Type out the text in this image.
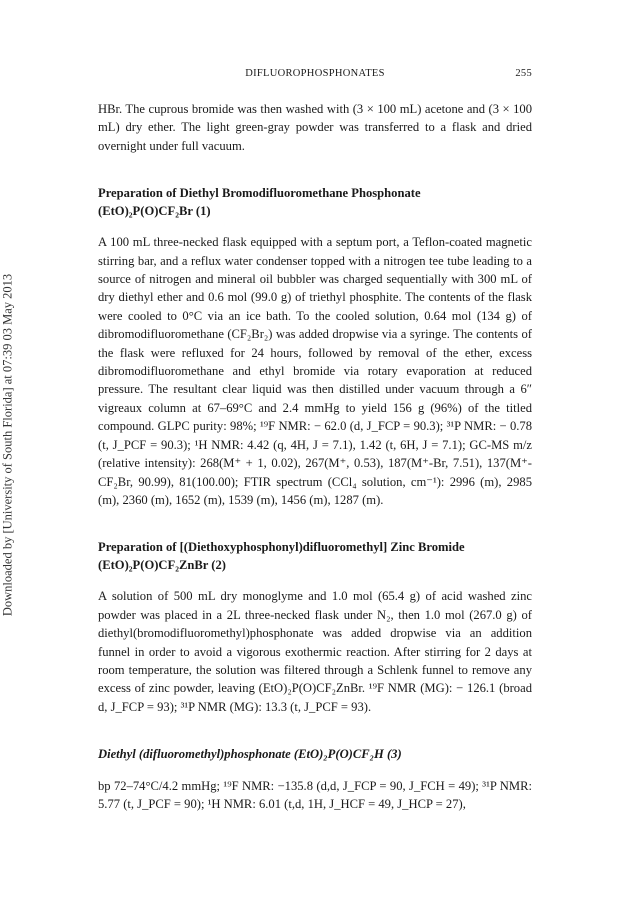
DIFLUOROPHOSPHONATES	255
Downloaded by [University of South Florida] at 07:39 03 May 2013

HBr. The cuprous bromide was then washed with (3 × 100 mL) acetone and (3 × 100 mL) dry ether. The light green-gray powder was transferred to a flask and dried overnight under full vacuum.

Preparation of Diethyl Bromodifluoromethane Phosphonate
(EtO)₂P(O)CF₂Br (1)

A 100 mL three-necked flask equipped with a septum port, a Teflon-coated magnetic stirring bar, and a reflux water condenser topped with a nitrogen tee tube leading to a source of nitrogen and mineral oil bubbler was charged sequentially with 300 mL of dry diethyl ether and 0.6 mol (99.0 g) of triethyl phosphite. The contents of the flask were cooled to 0°C via an ice bath. To the cooled solution, 0.64 mol (134 g) of dibromodifluoromethane (CF₂Br₂) was added dropwise via a syringe. The contents of the flask were refluxed for 24 hours, followed by removal of the ether, excess dibromodifluoromethane and ethyl bromide via rotary evaporation at reduced pressure. The resultant clear liquid was then distilled under vacuum through a 6″ vigreaux column at 67–69°C and 2.4 mmHg to yield 156 g (96%) of the titled compound. GLPC purity: 98%; ¹⁹F NMR: − 62.0 (d, J_FCP = 90.3); ³¹P NMR: − 0.78 (t, J_PCF = 90.3); ¹H NMR: 4.42 (q, 4H, J = 7.1), 1.42 (t, 6H, J = 7.1); GC-MS m/z (relative intensity): 268(M⁺ + 1, 0.02), 267(M⁺, 0.53), 187(M⁺-Br, 7.51), 137(M⁺-CF₂Br, 90.99), 81(100.00); FTIR spectrum (CCl₄ solution, cm⁻¹): 2996 (m), 2985 (m), 2360 (m), 1652 (m), 1539 (m), 1456 (m), 1287 (m).

Preparation of [(Diethoxyphosphonyl)difluoromethyl] Zinc Bromide
(EtO)₂P(O)CF₂ZnBr (2)

A solution of 500 mL dry monoglyme and 1.0 mol (65.4 g) of acid washed zinc powder was placed in a 2L three-necked flask under N₂, then 1.0 mol (267.0 g) of diethyl(bromodifluoromethyl)phosphonate was added dropwise via an addition funnel in order to avoid a vigorous exothermic reaction. After stirring for 2 days at room temperature, the solution was filtered through a Schlenk funnel to remove any excess of zinc powder, leaving (EtO)₂P(O)CF₂ZnBr. ¹⁹F NMR (MG): − 126.1 (broad d, J_FCP = 93); ³¹P NMR (MG): 13.3 (t, J_PCF = 93).

Diethyl (difluoromethyl)phosphonate (EtO)₂P(O)CF₂H (3)

bp 72–74°C/4.2 mmHg; ¹⁹F NMR: −135.8 (d,d, J_FCP = 90, J_FCH = 49); ³¹P NMR: 5.77 (t, J_PCF = 90); ¹H NMR: 6.01 (t,d, 1H, J_HCF = 49, J_HCP = 27),
